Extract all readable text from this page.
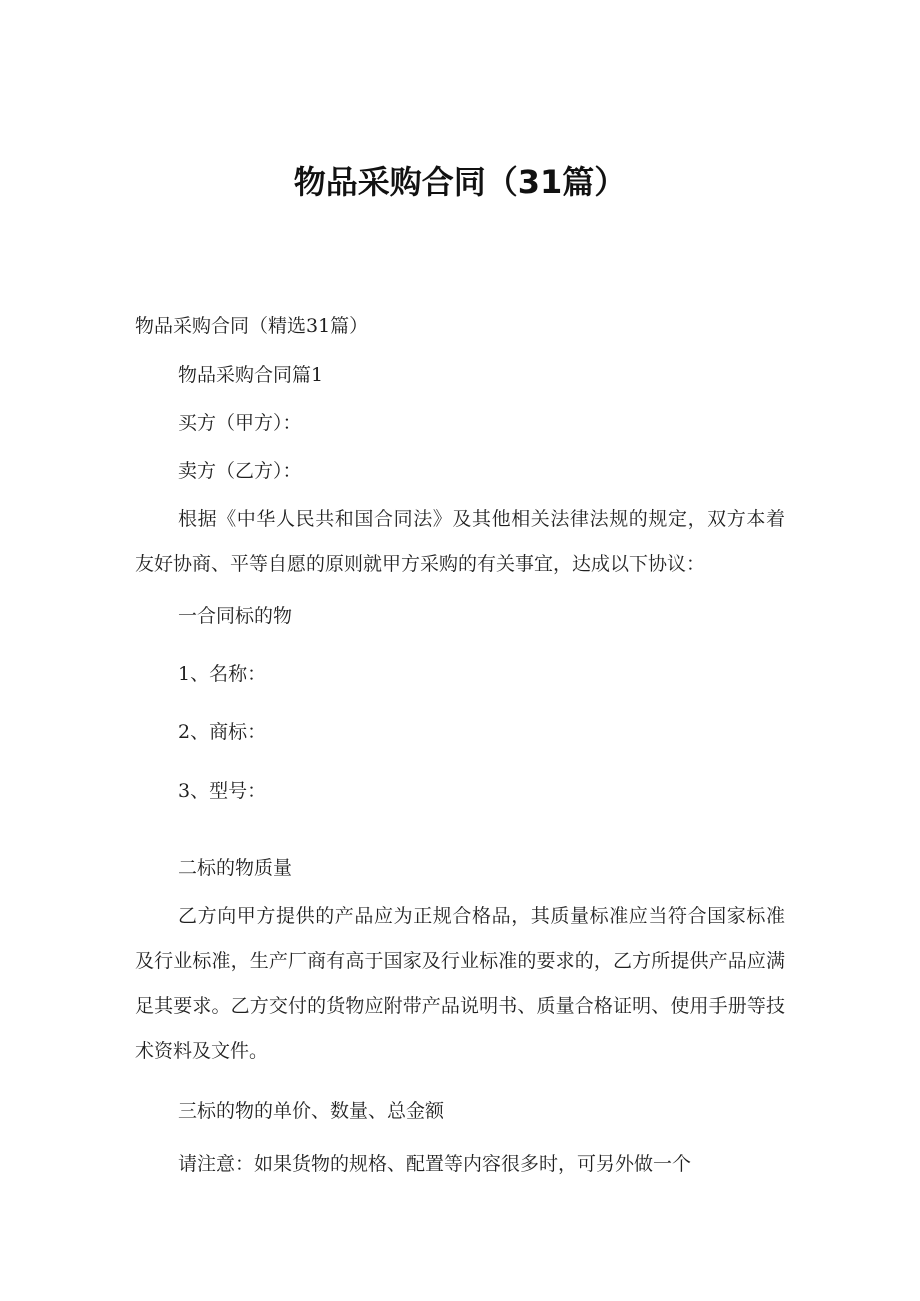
物品采购合同（31篇）
物品采购合同（精选31篇）
物品采购合同篇1
买方（甲方）：
卖方（乙方）：
根据《中华人民共和国合同法》及其他相关法律法规的规定，双方本着友好协商、平等自愿的原则就甲方采购的有关事宜，达成以下协议：
一合同标的物
1、名称：
2、商标：
3、型号：
二标的物质量
乙方向甲方提供的产品应为正规合格品，其质量标准应当符合国家标准及行业标准，生产厂商有高于国家及行业标准的要求的，乙方所提供产品应满足其要求。乙方交付的货物应附带产品说明书、质量合格证明、使用手册等技术资料及文件。
三标的物的单价、数量、总金额
请注意：如果货物的规格、配置等内容很多时，可另外做一个
